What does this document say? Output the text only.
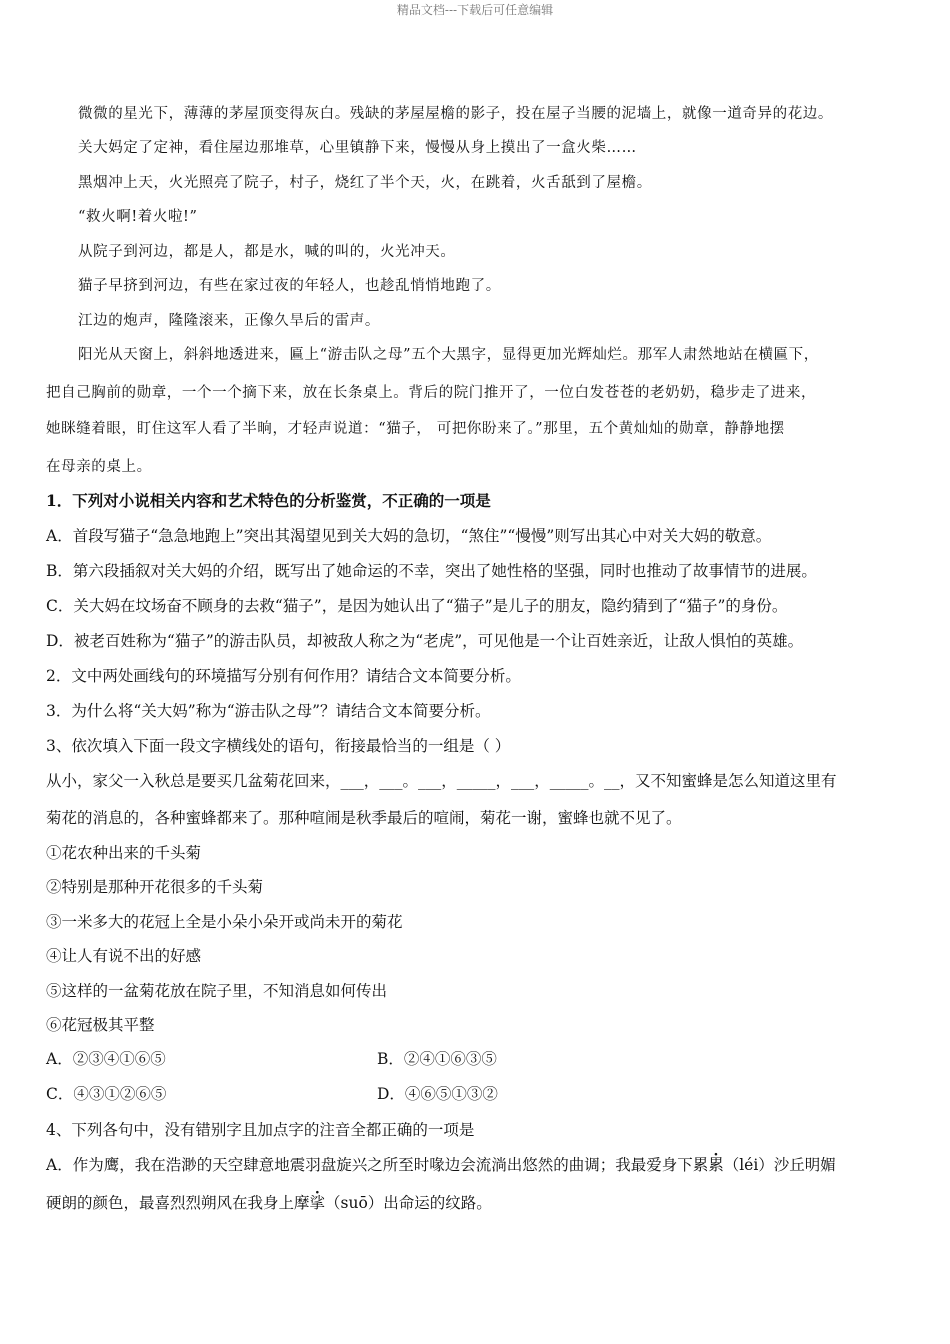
精品文档---下载后可任意编辑
微微的星光下，薄薄的茅屋顶变得灰白。残缺的茅屋屋檐的影子，投在屋子当腰的泥墙上，就像一道奇异的花边。
关大妈定了定神，看住屋边那堆草，心里镇静下来，慢慢从身上摸出了一盒火柴……
黑烟冲上天，火光照亮了院子，村子，烧红了半个天，火，在跳着，火舌舐到了屋檐。
“救火啊!着火啦!”
从院子到河边，都是人，都是水，喊的叫的，火光冲天。
猫子早挤到河边，有些在家过夜的年轻人，也趁乱悄悄地跑了。
江边的炮声，隆隆滚来，正像久旱后的雷声。
阳光从天窗上，斜斜地透进来，匾上“游击队之母”五个大黑字，显得更加光辉灿烂。那军人肃然地站在横匾下，
把自己胸前的勋章，一个一个摘下来，放在长条桌上。背后的院门推开了，一位白发苍苍的老奶奶，稳步走了进来，
她眯缝着眼，盯住这军人看了半晌，才轻声说道：“猫子， 可把你盼来了。”那里，五个黄灿灿的勋章，静静地摆
在母亲的桌上。
1．下列对小说相关内容和艺术特色的分析鉴赏，不正确的一项是
A．首段写猫子“急急地跑上”突出其渴望见到关大妈的急切，“煞住”“慢慢”则写出其心中对关大妈的敬意。
B．第六段插叙对关大妈的介绍，既写出了她命运的不幸，突出了她性格的坚强，同时也推动了故事情节的进展。
C．关大妈在坟场奋不顾身的去救“猫子”，是因为她认出了“猫子”是儿子的朋友，隐约猜到了“猫子”的身份。
D．被老百姓称为“猫子”的游击队员，却被敌人称之为“老虎”，可见他是一个让百姓亲近，让敌人惧怕的英雄。
2．文中两处画线句的环境描写分别有何作用？请结合文本简要分析。
3．为什么将“关大妈”称为“游击队之母”？请结合文本简要分析。
3、依次填入下面一段文字横线处的语句，衔接最恰当的一组是（ ）
从小，家父一入秋总是要买几盆菊花回来，___，___。___，_____，___，_____。__，又不知蜜蜂是怎么知道这里有
菊花的消息的，各种蜜蜂都来了。那种喧闹是秋季最后的喧闹，菊花一谢，蜜蜂也就不见了。
①花农种出来的千头菊
②特别是那种开花很多的千头菊
③一米多大的花冠上全是小朵小朵开或尚未开的菊花
④让人有说不出的好感
⑤这样的一盆菊花放在院子里，不知消息如何传出
⑥花冠极其平整
A．②③④①⑥⑤	B．②④①⑥③⑤
C．④③①②⑥⑤	D．④⑥⑤①③②
4、下列各句中，没有错别字且加点字的注音全都正确的一项是
A．作为鹰，我在浩渺的天空肆意地震羽盘旋兴之所至时喙边会流淌出悠然的曲调；我最爱身下累累（léi）沙丘明媚
硬朗的颜色，最喜烈烈朔风在我身上摩挲（suō）出命运的纹路。
